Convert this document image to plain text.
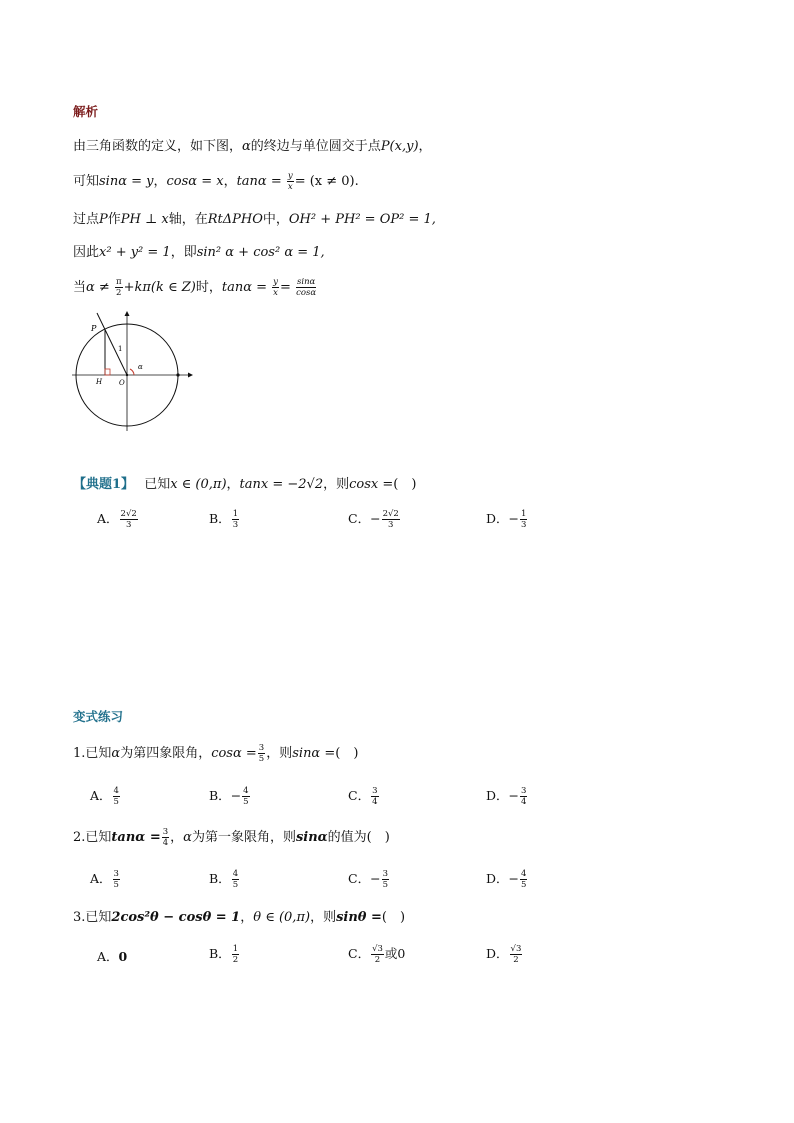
解析
由三角函数的定义，如下图，α的终边与单位圆交于点P(x,y)，
可知sinα = y，cosα = x，$\tan\alpha = \frac{y}{x} = (x \ne 0)$.
过点P作PH ⊥ x轴，在RtΔPHO中，OH² + PH² = OP² = 1,
因此x² + y² = 1，即sin² α + cos² α = 1,
当$\alpha \ne \frac{\pi}{2} +k\pi(k$ ∈ Z)时，$\tan\alpha = \frac{y}{x} = \frac{\sin\alpha}{\cos\alpha}$
P
H O
1
α
【典题1】 已知x ∈ (0,π)，tanx = −2√2，则cosx =(　)
A． $\frac{2√2}{3}$	B． $\frac{1}{3}$	C．− $\frac{2√2}{3}$	D．− $\frac{1}{3}$
变式练习
1.已知α为第四象限角，$\cos\alpha = \frac{3}{5}$ ，则sinα =(　)
A． $\frac{4}{5}$	B．− $\frac{4}{5}$	C． $\frac{3}{4}$	D．− $\frac{3}{4}$
2.已知$\tan\alpha = \frac{3}{4}$ ，α为第一象限角，则sinα的值为(　)
A． $\frac{3}{5}$	B． $\frac{4}{5}$	C．− $\frac{3}{5}$	D．− $\frac{4}{5}$
3.已知2cos²θ − cosθ = 1，θ ∈ (0,π)，则sinθ =(　)
A．0	B． $\frac{1}{2}$	C． $\frac{√3}{2}$ 或0	D． $\frac{√3}{2}$
